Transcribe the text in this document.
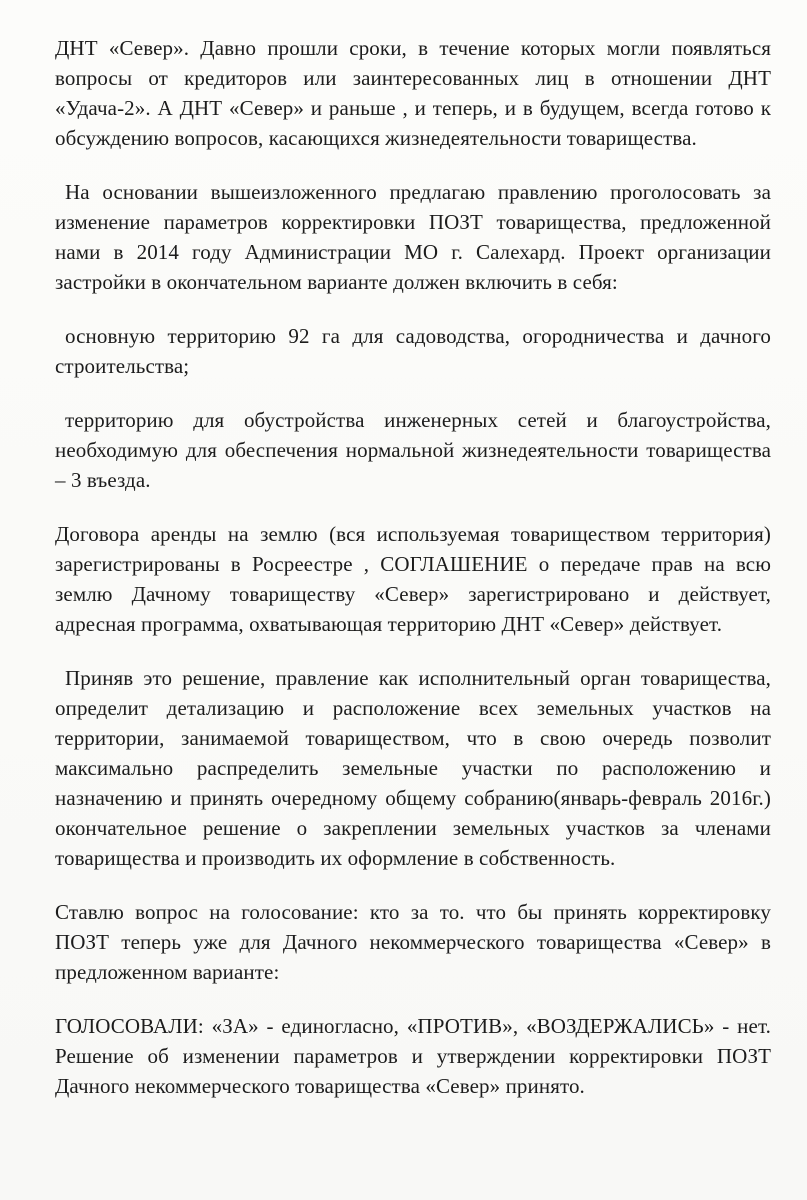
ДНТ «Север». Давно прошли сроки, в течение которых могли появляться вопросы от кредиторов или заинтересованных лиц в отношении ДНТ «Удача-2». А ДНТ «Север» и раньше , и теперь, и в будущем, всегда готово к обсуждению вопросов, касающихся жизнедеятельности товарищества.

На основании вышеизложенного предлагаю правлению проголосовать за изменение параметров корректировки ПОЗТ товарищества, предложенной нами в 2014 году Администрации МО г. Салехард. Проект организации застройки в окончательном варианте должен включить в себя:

основную территорию 92 га для садоводства, огородничества и дачного строительства;

территорию для обустройства инженерных сетей и благоустройства, необходимую для обеспечения нормальной жизнедеятельности товарищества – 3 въезда.

Договора аренды на землю (вся используемая товариществом территория) зарегистрированы в Росреестре , СОГЛАШЕНИЕ о передаче прав на всю землю Дачному товариществу «Север» зарегистрировано и действует, адресная программа, охватывающая территорию ДНТ «Север» действует.

Приняв это решение, правление как исполнительный орган товарищества, определит детализацию и расположение всех земельных участков на территории, занимаемой товариществом, что в свою очередь позволит максимально распределить земельные участки по расположению и назначению и принять очередному общему собранию(январь-февраль 2016г.) окончательное решение о закреплении земельных участков за членами товарищества и производить их оформление в собственность.

Ставлю вопрос на голосование: кто за то. что бы принять корректировку ПОЗТ теперь уже для Дачного некоммерческого товарищества «Север» в предложенном варианте:

ГОЛОСОВАЛИ: «ЗА» - единогласно, «ПРОТИВ», «ВОЗДЕРЖАЛИСЬ» - нет. Решение об изменении параметров и утверждении корректировки ПОЗТ Дачного некоммерческого товарищества «Север» принято.
